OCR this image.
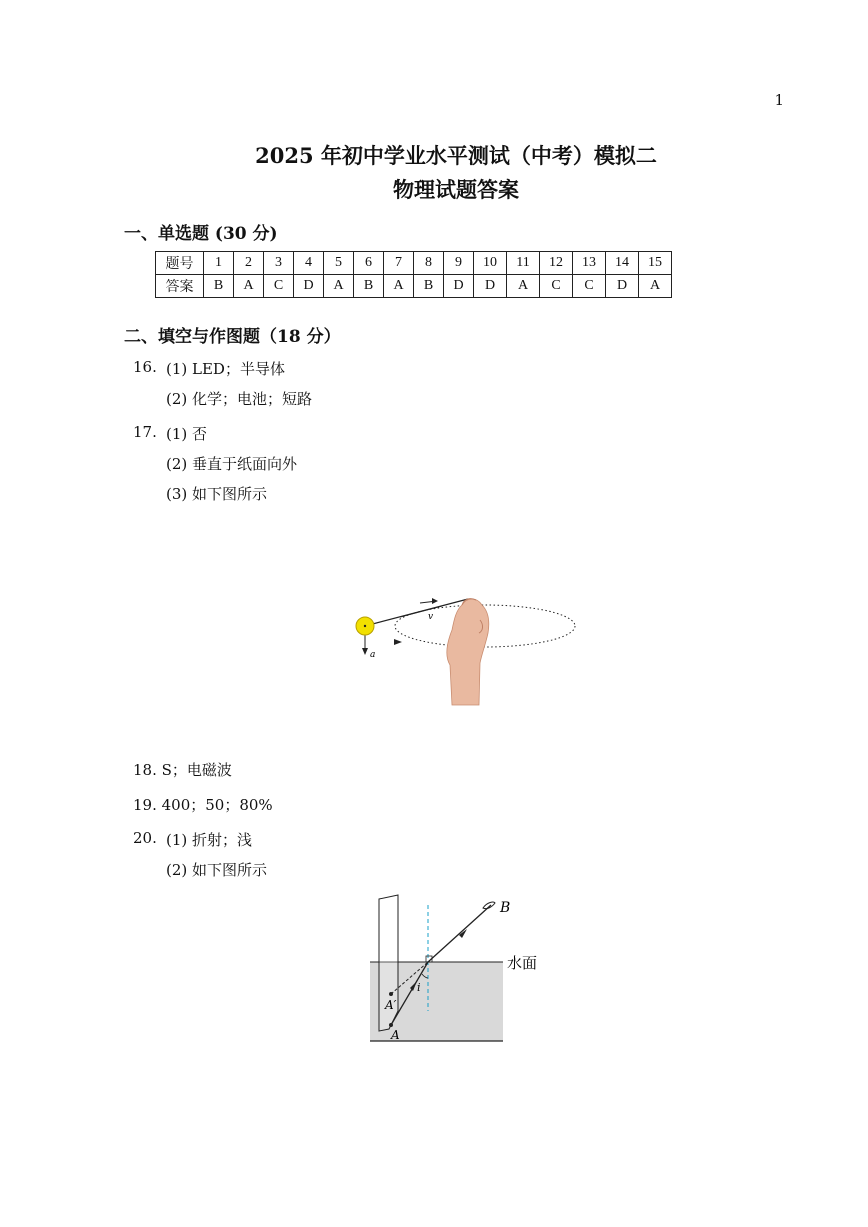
1
2025 年初中学业水平测试（中考）模拟二
物理试题答案
一、单选题 (30 分)
题号	1	2	3	4	5	6	7	8	9	10	11	12	13	14	15
答案	B	A	C	D	A	B	A	B	D	D	A	C	C	D	A
二、填空与作图题（18 分）
16. (1) LED；半导体
(2) 化学；电池；短路
17. (1) 否
(2) 垂直于纸面向外
(3) 如下图所示
v
a
18. S；电磁波
19. 400；50；80%
20. (1) 折射；浅
(2) 如下图所示
B
水面
A′
A
i
